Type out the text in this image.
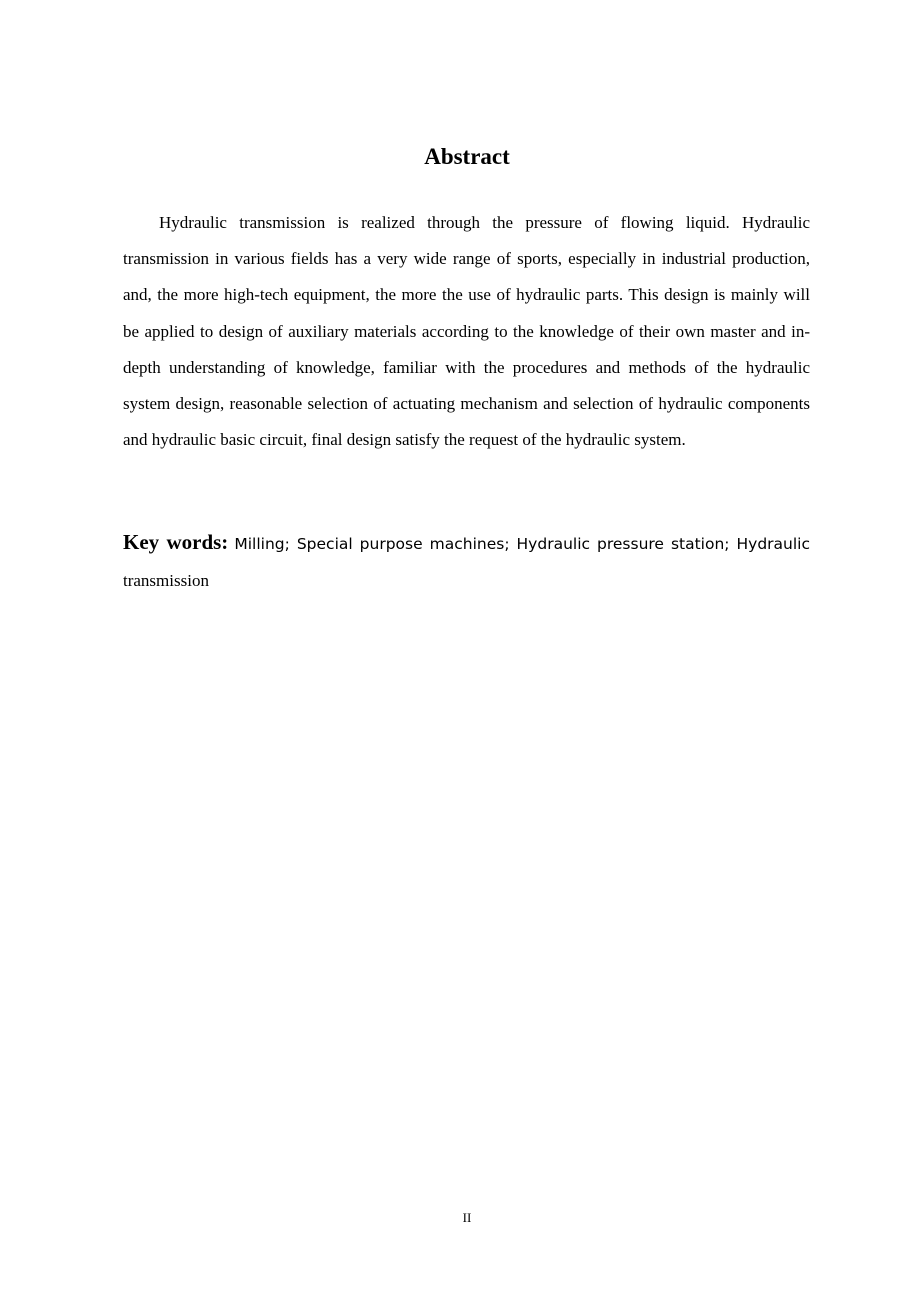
Abstract

Hydraulic transmission is realized through the pressure of flowing liquid. Hydraulic transmission in various fields has a very wide range of sports, especially in industrial production, and, the more high-tech equipment, the more the use of hydraulic parts. This design is mainly will be applied to design of auxiliary materials according to the knowledge of their own master and in-depth understanding of knowledge, familiar with the procedures and methods of the hydraulic system design, reasonable selection of actuating mechanism and selection of hydraulic components and hydraulic basic circuit, final design satisfy the request of the hydraulic system.

Key words: Milling; Special purpose machines; Hydraulic pressure station; Hydraulic transmission

II
